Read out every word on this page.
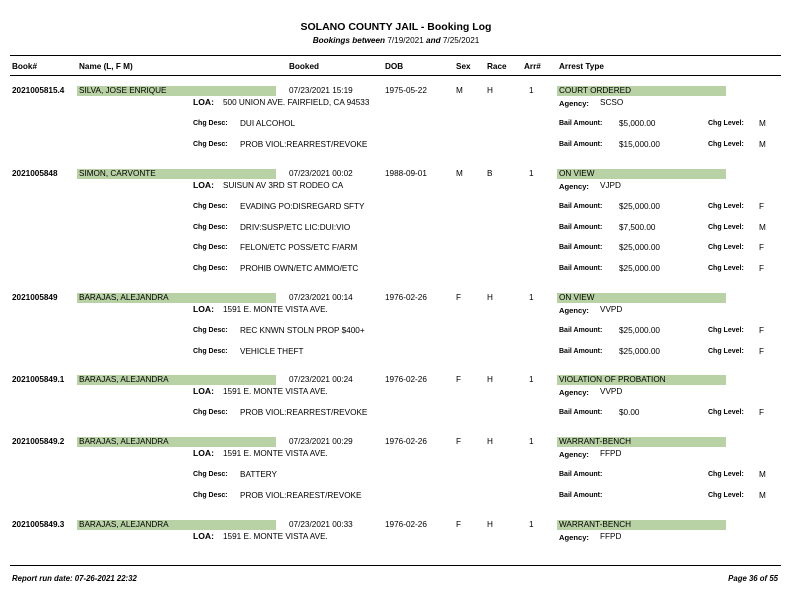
SOLANO COUNTY JAIL - Booking Log
Bookings between 7/19/2021 and 7/25/2021
Book#	Name (L, F M)	Booked	DOB	Sex Race Arr# Arrest Type
2021005815.4 SILVA, JOSE ENRIQUE	07/23/2021 15:19	1975-05-22	M	H	1	COURT ORDERED
LOA: 500 UNION AVE. FAIRFIELD, CA 94533	Agency: SCSO
Chg Desc: DUI ALCOHOL	Bail Amount: $5,000.00	Chg Level: M
Chg Desc: PROB VIOL:REARREST/REVOKE	Bail Amount: $15,000.00	Chg Level: M
2021005848	SIMON, CARVONTE	07/23/2021 00:02	1988-09-01	M	B	1	ON VIEW
LOA: SUISUN AV 3RD ST RODEO CA	Agency: VJPD
Chg Desc: EVADING PO:DISREGARD SFTY	Bail Amount: $25,000.00	Chg Level: F
Chg Desc: DRIV:SUSP/ETC LIC:DUI:VIO	Bail Amount: $7,500.00	Chg Level: M
Chg Desc: FELON/ETC POSS/ETC F/ARM	Bail Amount: $25,000.00	Chg Level: F
Chg Desc: PROHIB OWN/ETC AMMO/ETC	Bail Amount: $25,000.00	Chg Level: F
2021005849	BARAJAS, ALEJANDRA	07/23/2021 00:14	1976-02-26	F	H	1	ON VIEW
LOA: 1591 E. MONTE VISTA AVE.	Agency: VVPD
Chg Desc: REC KNWN STOLN PROP $400+	Bail Amount: $25,000.00	Chg Level: F
Chg Desc: VEHICLE THEFT	Bail Amount: $25,000.00	Chg Level: F
2021005849.1 BARAJAS, ALEJANDRA	07/23/2021 00:24	1976-02-26	F	H	1	VIOLATION OF PROBATION
LOA: 1591 E. MONTE VISTA AVE.	Agency: VVPD
Chg Desc: PROB VIOL:REARREST/REVOKE	Bail Amount: $0.00	Chg Level: F
2021005849.2 BARAJAS, ALEJANDRA	07/23/2021 00:29	1976-02-26	F	H	1	WARRANT-BENCH
LOA: 1591 E. MONTE VISTA AVE.	Agency: FFPD
Chg Desc: BATTERY	Bail Amount:	Chg Level: M
Chg Desc: PROB VIOL:REAREST/REVOKE	Bail Amount:	Chg Level: M
2021005849.3 BARAJAS, ALEJANDRA	07/23/2021 00:33	1976-02-26	F	H	1	WARRANT-BENCH
LOA: 1591 E. MONTE VISTA AVE.	Agency: FFPD
Report run date: 07-26-2021 22:32	Page 36 of 55
